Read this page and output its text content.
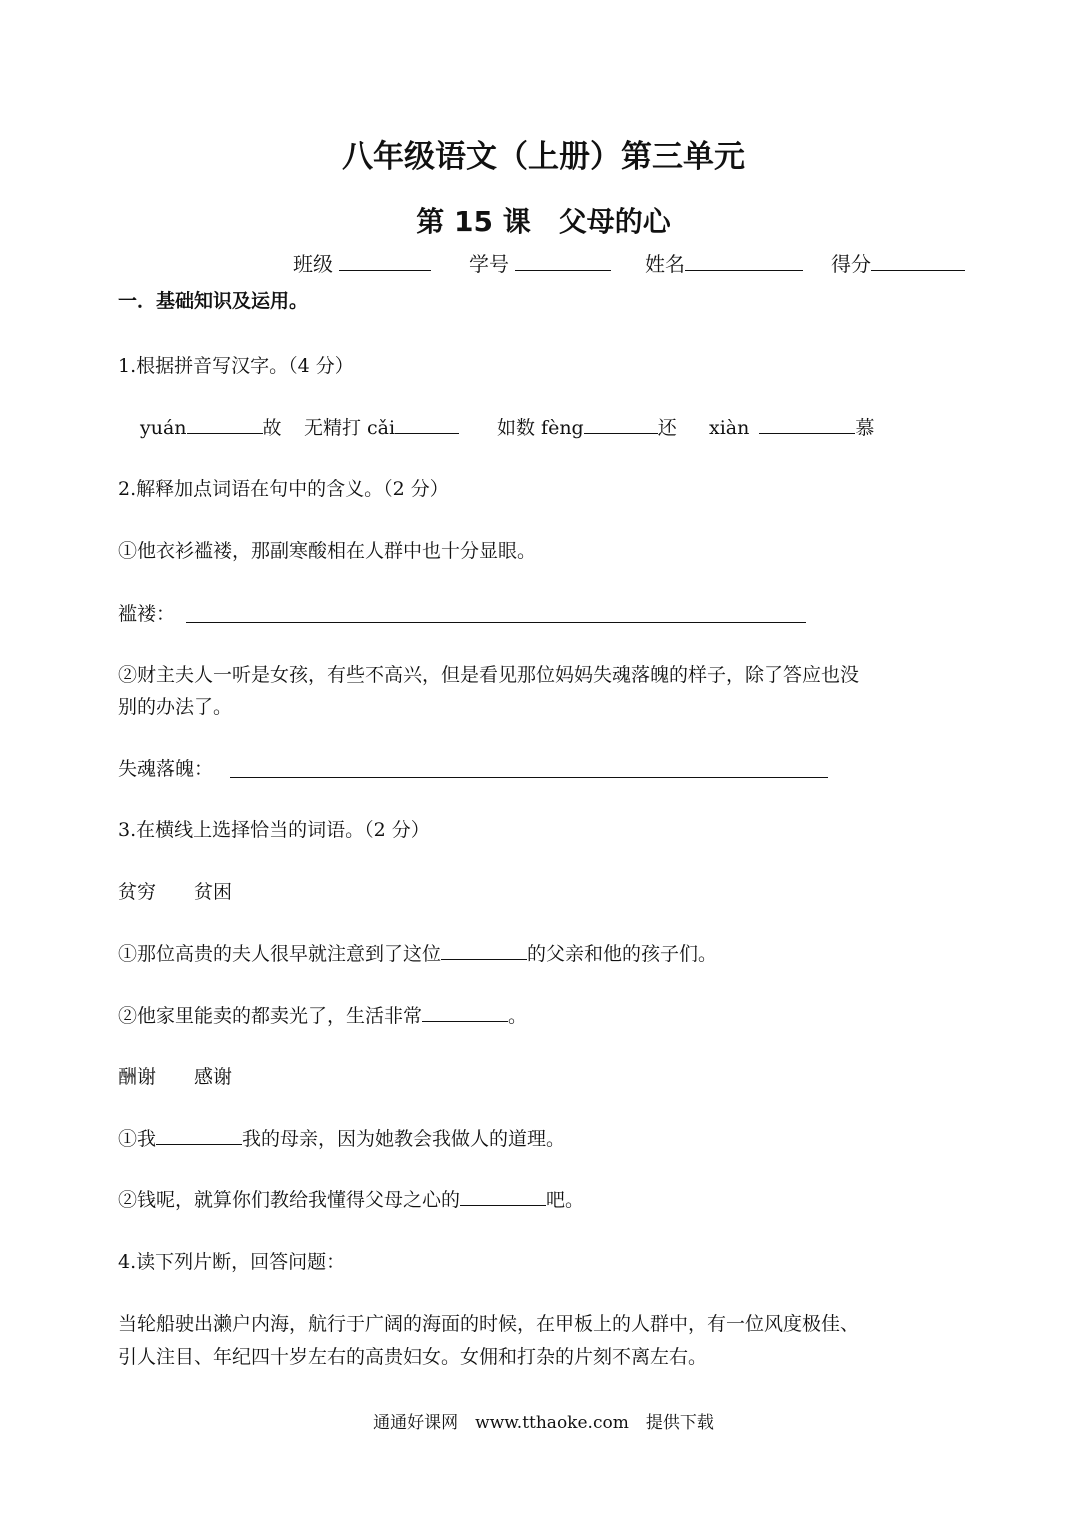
八年级语文（上册）第三单元
第 15 课　父母的心
班级	学号	姓名	得分
一．基础知识及运用。
1.根据拼音写汉字。（4 分）
yuán	故 无精打 cǎi	如数 fèng	还 xiàn	慕
2.解释加点词语在句中的含义。（2 分）
①他衣衫褴褛，那副寒酸相在人群中也十分显眼。
褴褛：
②财主夫人一听是女孩，有些不高兴，但是看见那位妈妈失魂落魄的样子，除了答应也没
别的办法了。
失魂落魄：
3.在横线上选择恰当的词语。（2 分）
贫穷　　贫困
①那位高贵的夫人很早就注意到了这位	的父亲和他的孩子们。
②他家里能卖的都卖光了，生活非常	。
酬谢　　感谢
①我	我的母亲，因为她教会我做人的道理。
②钱呢，就算你们教给我懂得父母之心的	吧。
4.读下列片断，回答问题：
当轮船驶出濑户内海，航行于广阔的海面的时候，在甲板上的人群中，有一位风度极佳、
引人注目、年纪四十岁左右的高贵妇女。女佣和打杂的片刻不离左右。
通通好课网　www.tthaoke.com　提供下载
